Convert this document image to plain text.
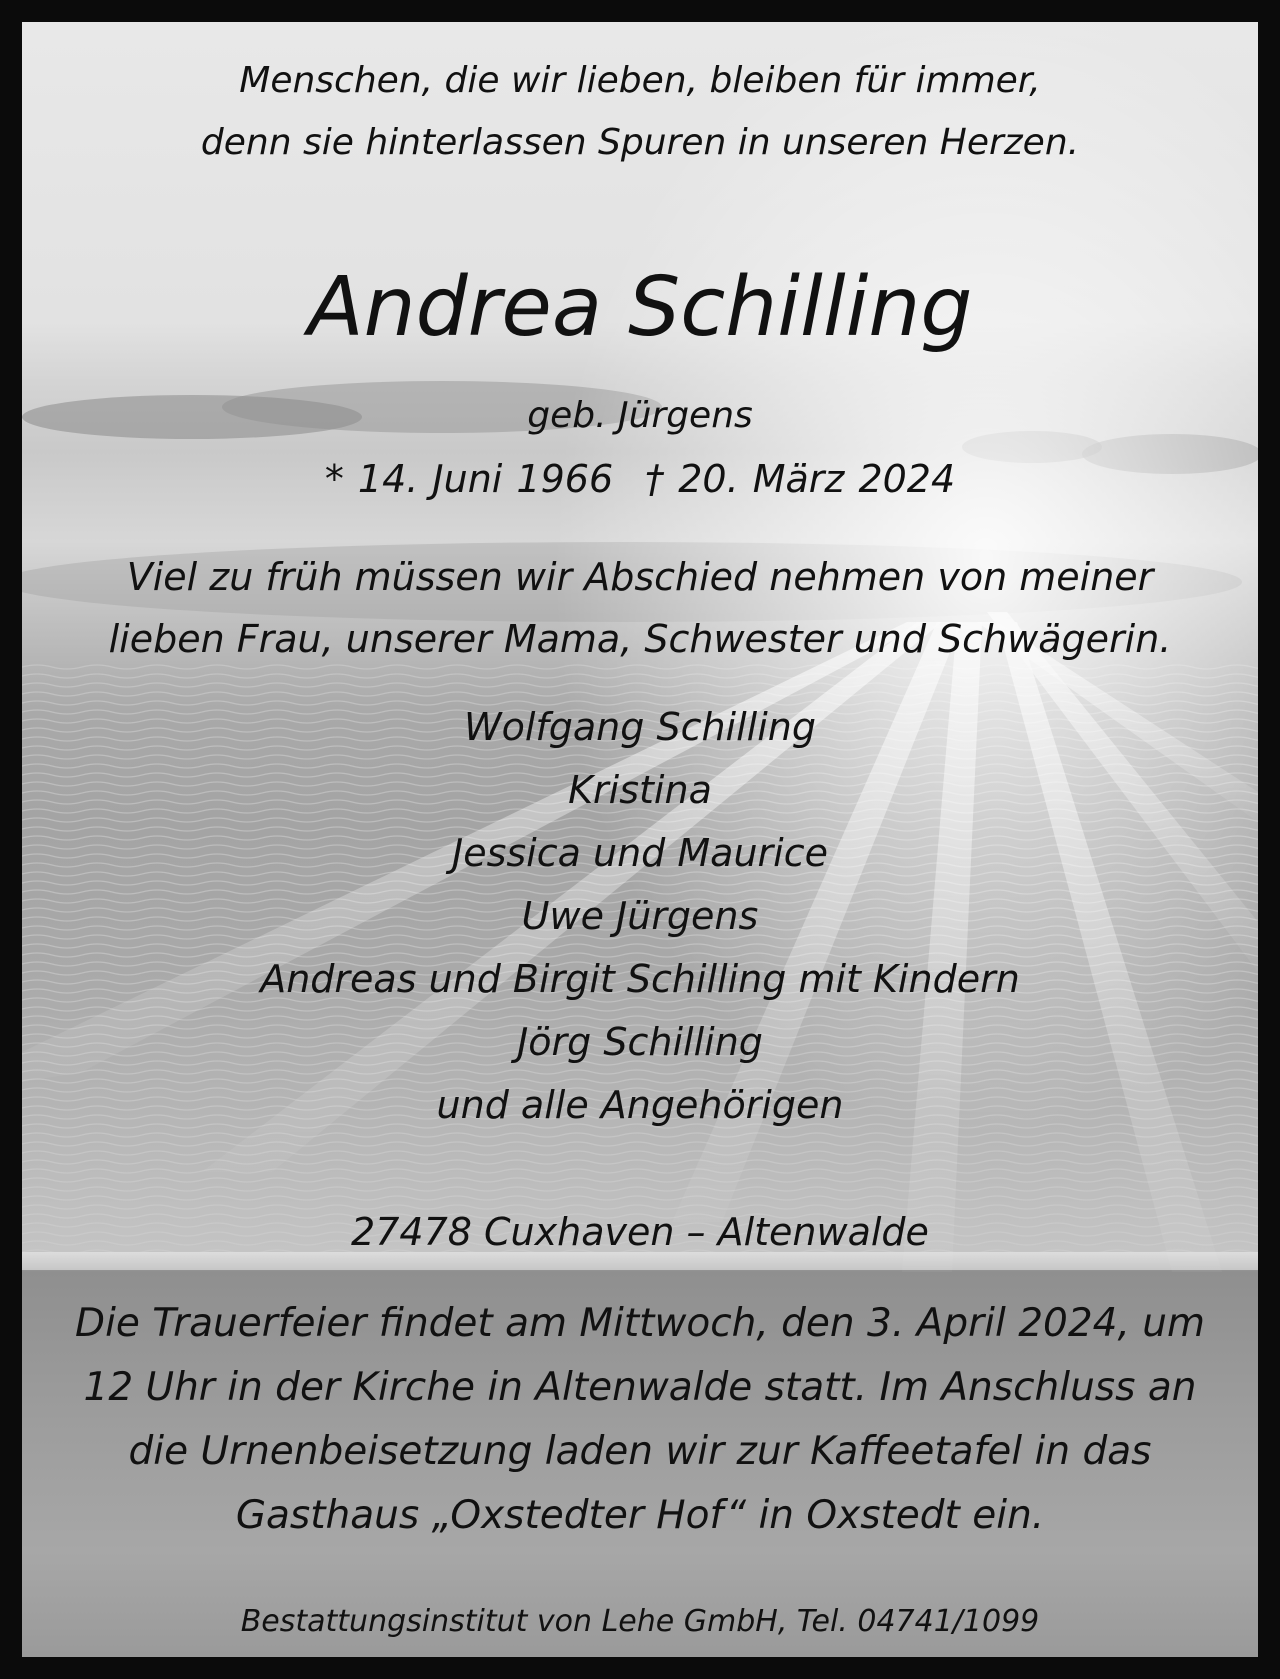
Menschen, die wir lieben, bleiben für immer,
denn sie hinterlassen Spuren in unseren Herzen.
Andrea Schilling
geb. Jürgens
* 14. Juni 1966 † 20. März 2024
Viel zu früh müssen wir Abschied nehmen von meiner
lieben Frau, unserer Mama, Schwester und Schwägerin.
Wolfgang Schilling
Kristina
Jessica und Maurice
Uwe Jürgens
Andreas und Birgit Schilling mit Kindern
Jörg Schilling
und alle Angehörigen
27478 Cuxhaven – Altenwalde
Die Trauerfeier findet am Mittwoch, den 3. April 2024, um
12 Uhr in der Kirche in Altenwalde statt. Im Anschluss an
die Urnenbeisetzung laden wir zur Kaffeetafel in das
Gasthaus „Oxstedter Hof“ in Oxstedt ein.
Bestattungsinstitut von Lehe GmbH, Tel. 04741/1099
